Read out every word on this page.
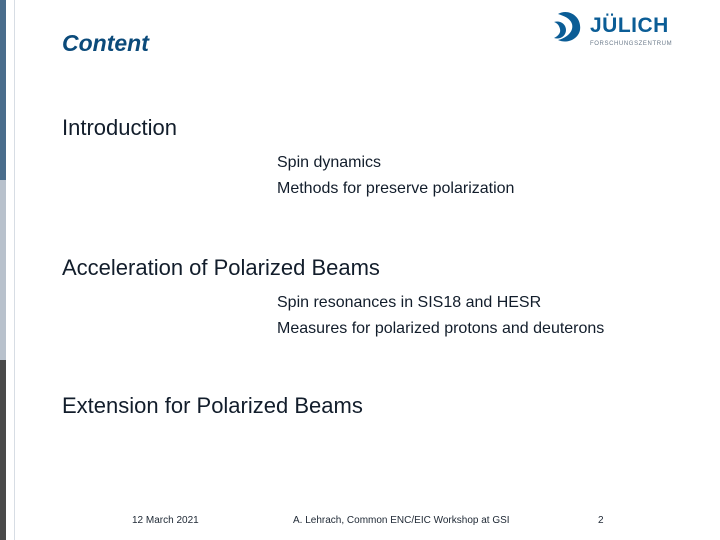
Content
JÜLICH
FORSCHUNGSZENTRUM
Introduction
Spin dynamics
Methods for preserve polarization
Acceleration of Polarized Beams
Spin resonances in SIS18 and HESR
Measures for polarized protons and deuterons
Extension for Polarized Beams
12 March 2021	A. Lehrach, Common ENC/EIC Workshop at GSI	2
